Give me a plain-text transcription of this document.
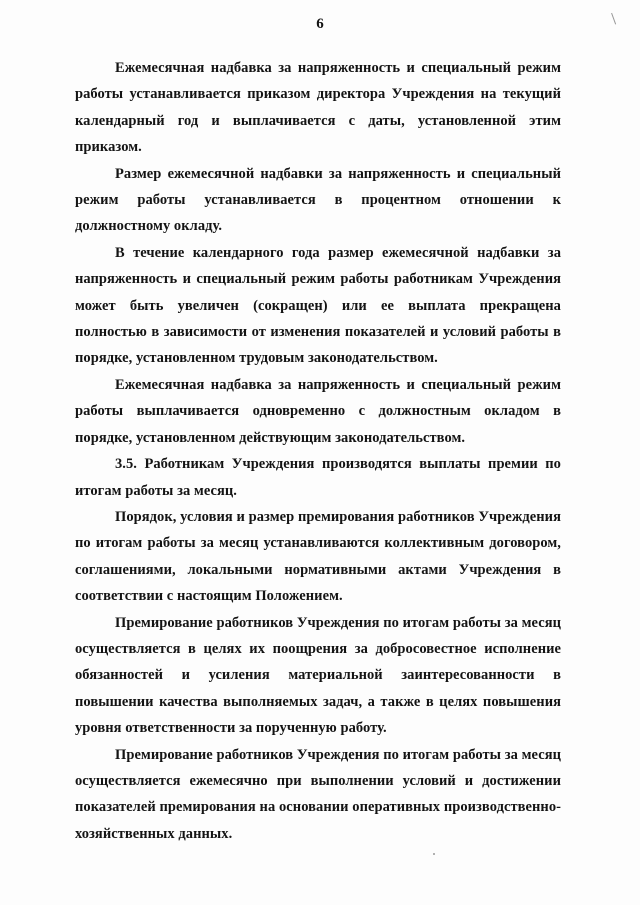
6

Ежемесячная надбавка за напряженность и специальный режим работы устанавливается приказом директора Учреждения на текущий календарный год и выплачивается с даты, установленной этим приказом.

Размер ежемесячной надбавки за напряженность и специальный режим работы устанавливается в процентном отношении к должностному окладу.

В течение календарного года размер ежемесячной надбавки за напряженность и специальный режим работы работникам Учреждения может быть увеличен (сокращен) или ее выплата прекращена полностью в зависимости от изменения показателей и условий работы в порядке, установленном трудовым законодательством.

Ежемесячная надбавка за напряженность и специальный режим работы выплачивается одновременно с должностным окладом в порядке, установленном действующим законодательством.

3.5. Работникам Учреждения производятся выплаты премии по итогам работы за месяц.

Порядок, условия и размер премирования работников Учреждения по итогам работы за месяц устанавливаются коллективным договором, соглашениями, локальными нормативными актами Учреждения в соответствии с настоящим Положением.

Премирование работников Учреждения по итогам работы за месяц осуществляется в целях их поощрения за добросовестное исполнение обязанностей и усиления материальной заинтересованности в повышении качества выполняемых задач, а также в целях повышения уровня ответственности за порученную работу.

Премирование работников Учреждения по итогам работы за месяц осуществляется ежемесячно при выполнении условий и достижении показателей премирования на основании оперативных производственно-хозяйственных данных.
